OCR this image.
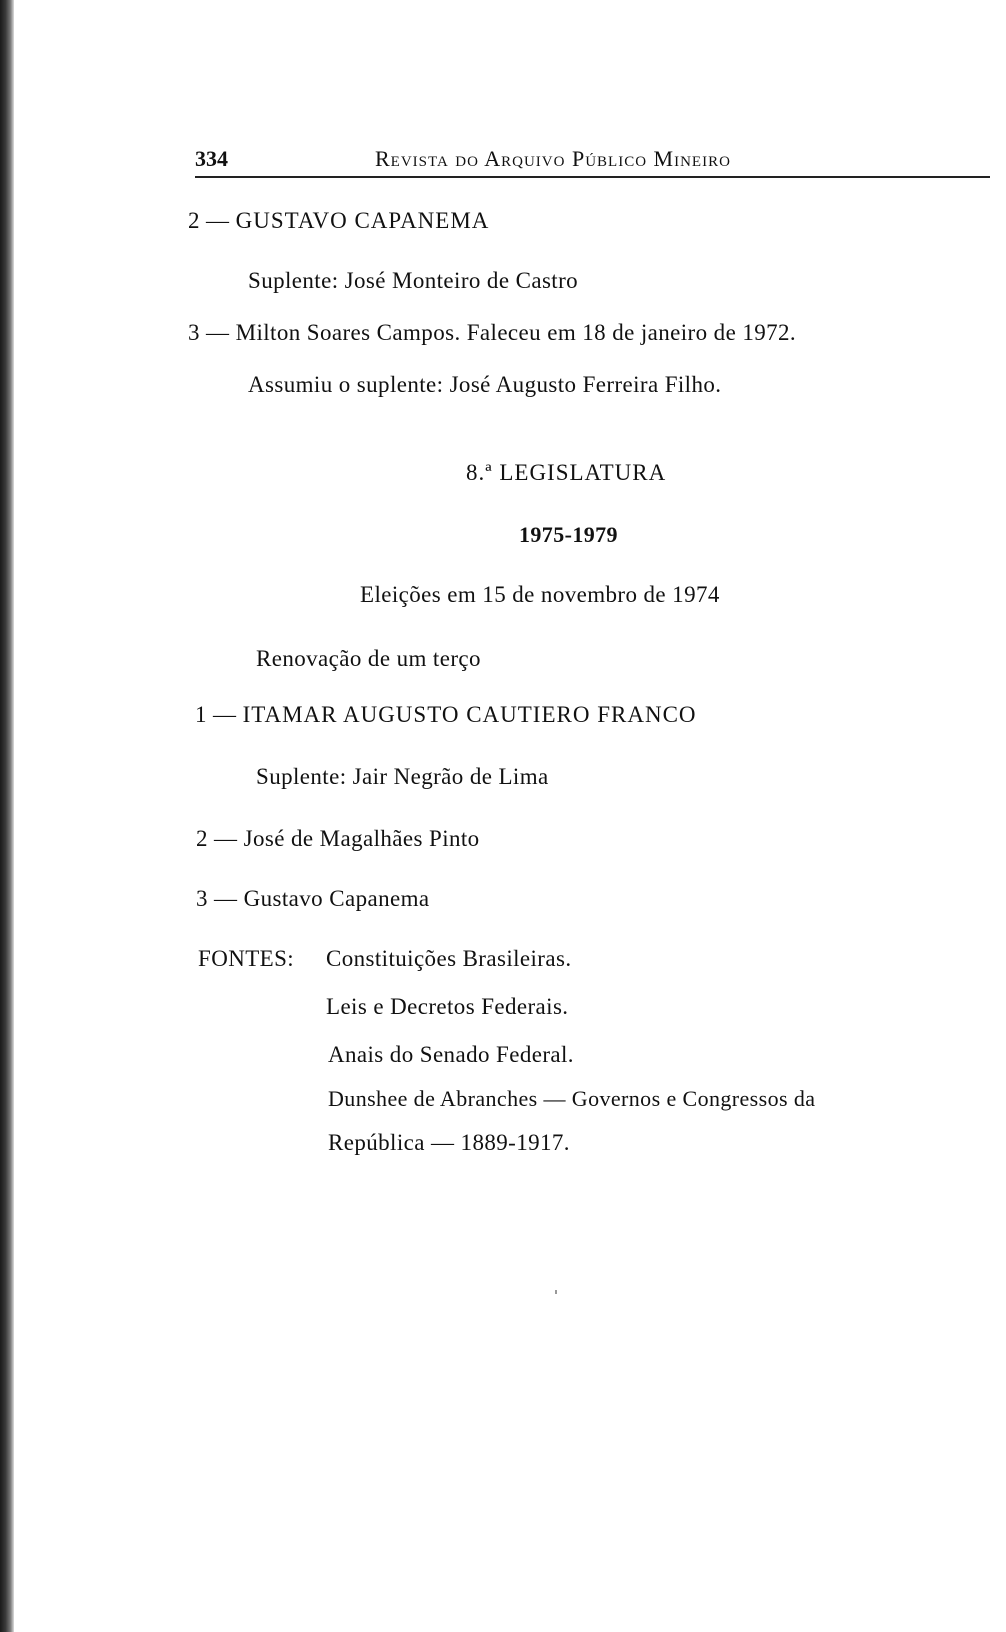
334	Revista do Arquivo Público Mineiro
2 — GUSTAVO CAPANEMA
Suplente: José Monteiro de Castro
3 — Milton Soares Campos. Faleceu em 18 de janeiro de 1972.
Assumiu o suplente: José Augusto Ferreira Filho.
8.ª LEGISLATURA
1975-1979
Eleições em 15 de novembro de 1974
Renovação de um terço
1 — ITAMAR AUGUSTO CAUTIERO FRANCO
Suplente: Jair Negrão de Lima
2 — José de Magalhães Pinto
3 — Gustavo Capanema
FONTES: Constituições Brasileiras.
Leis e Decretos Federais.
Anais do Senado Federal.
Dunshee de Abranches — Governos e Congressos da
República — 1889-1917.
